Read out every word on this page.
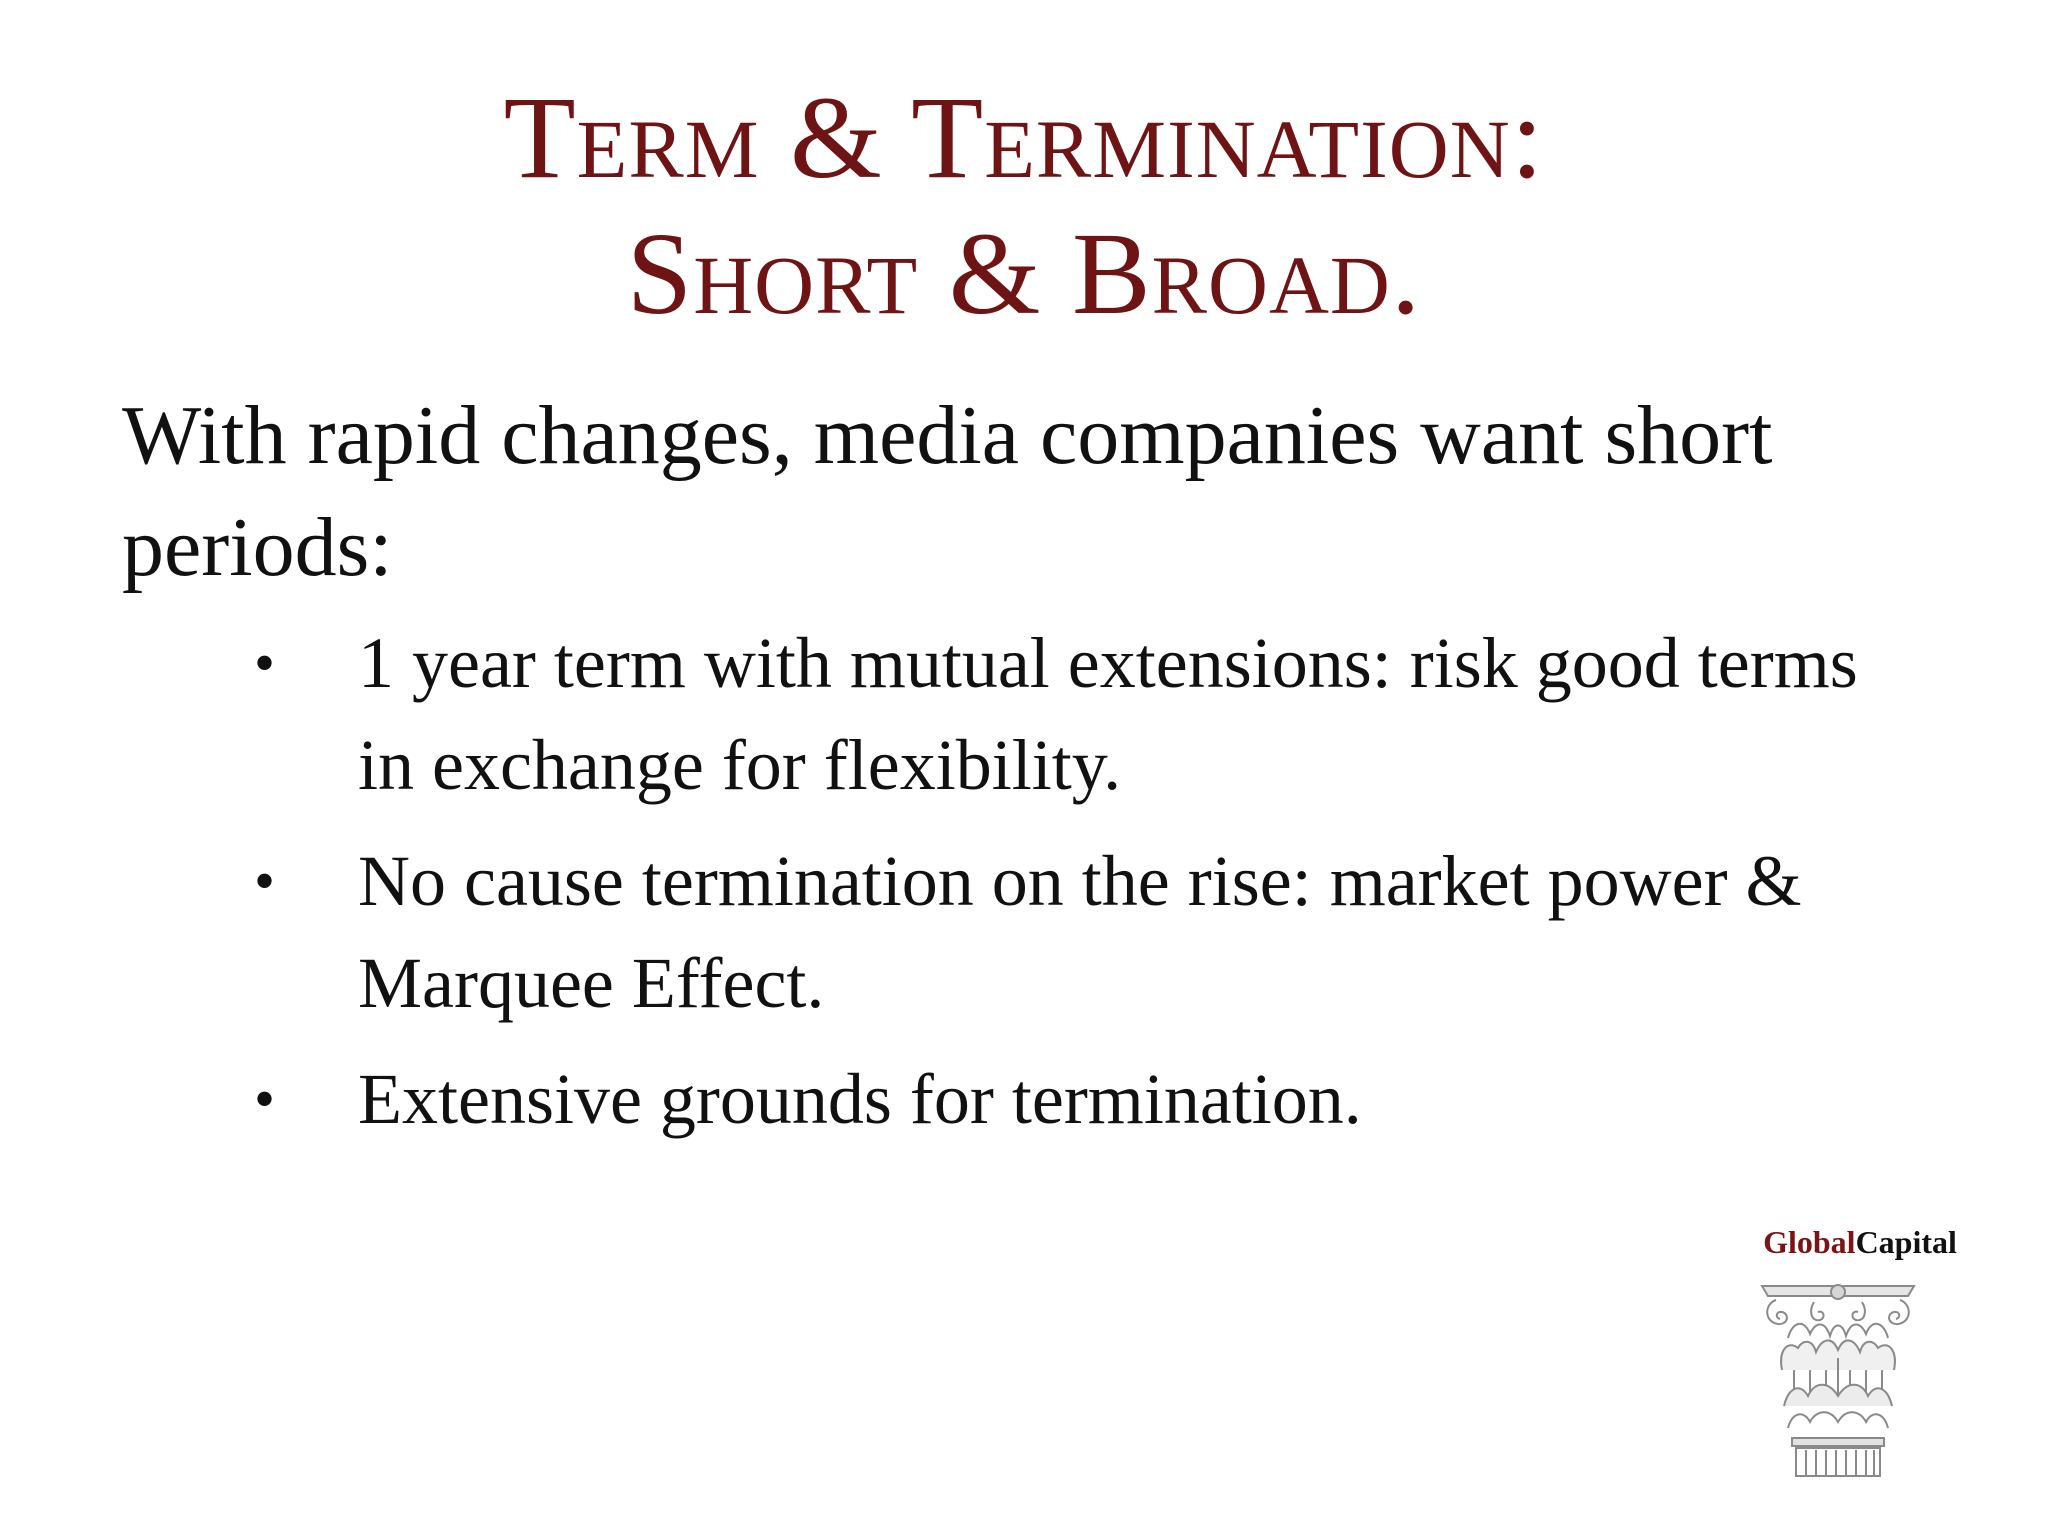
Term & Termination:
Short & Broad.
With rapid changes, media companies want short periods:
• 1 year term with mutual extensions: risk good terms in exchange for flexibility.
• No cause termination on the rise: market power & Marquee Effect.
• Extensive grounds for termination.
GlobalCapital
